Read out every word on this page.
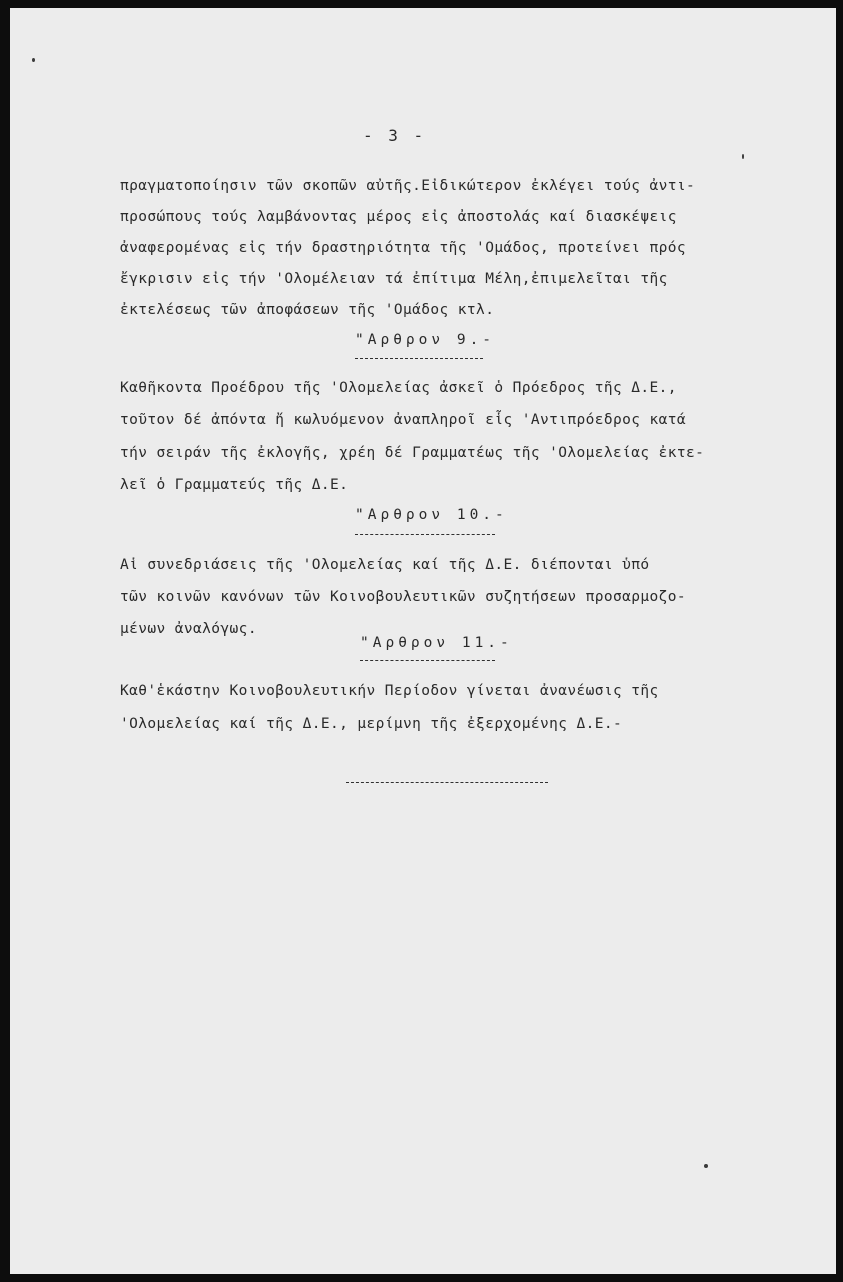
- 3 -
πραγματοποίησιν τῶν σκοπῶν αὐτῆς.Εἰδικώτερον ἐκλέγει τούς ἀντι-
προσώπους τούς λαμβάνοντας μέρος εἰς ἀποστολάς καί διασκέψεις
ἀναφερομένας εἰς τήν δραστηριότητα τῆς 'Ομάδος, προτείνει πρός
ἔγκρισιν εἰς τήν 'Ολομέλειαν τά ἐπίτιμα Μέλη,ἐπιμελεῖται τῆς
ἐκτελέσεως τῶν ἀποφάσεων τῆς 'Ομάδος κτλ.
"Αρθρον 9.-
Καθῆκοντα Προέδρου τῆς 'Ολομελείας ἀσκεῖ ὁ Πρόεδρος τῆς Δ.Ε.,
τοῦτον δέ ἀπόντα ἤ κωλυόμενον ἀναπληροῖ εἷς 'Αντιπρόεδρος κατά
τήν σειράν τῆς ἐκλογῆς, χρέη δέ Γραμματέως τῆς 'Ολομελείας ἐκτε-
λεῖ ὁ Γραμματεύς τῆς Δ.Ε.
"Αρθρον 10.-
Αἱ συνεδριάσεις τῆς 'Ολομελείας καί τῆς Δ.Ε. διέπονται ὑπό
τῶν κοινῶν κανόνων τῶν Κοινοβουλευτικῶν συζητήσεων προσαρμοζο-
μένων ἀναλόγως.
"Αρθρον 11.-
Καθ'ἑκάστην Κοινοβουλευτικήν Περίοδον γίνεται ἀνανέωσις τῆς
'Ολομελείας καί τῆς Δ.Ε., μερίμνη τῆς ἐξερχομένης Δ.Ε.-
